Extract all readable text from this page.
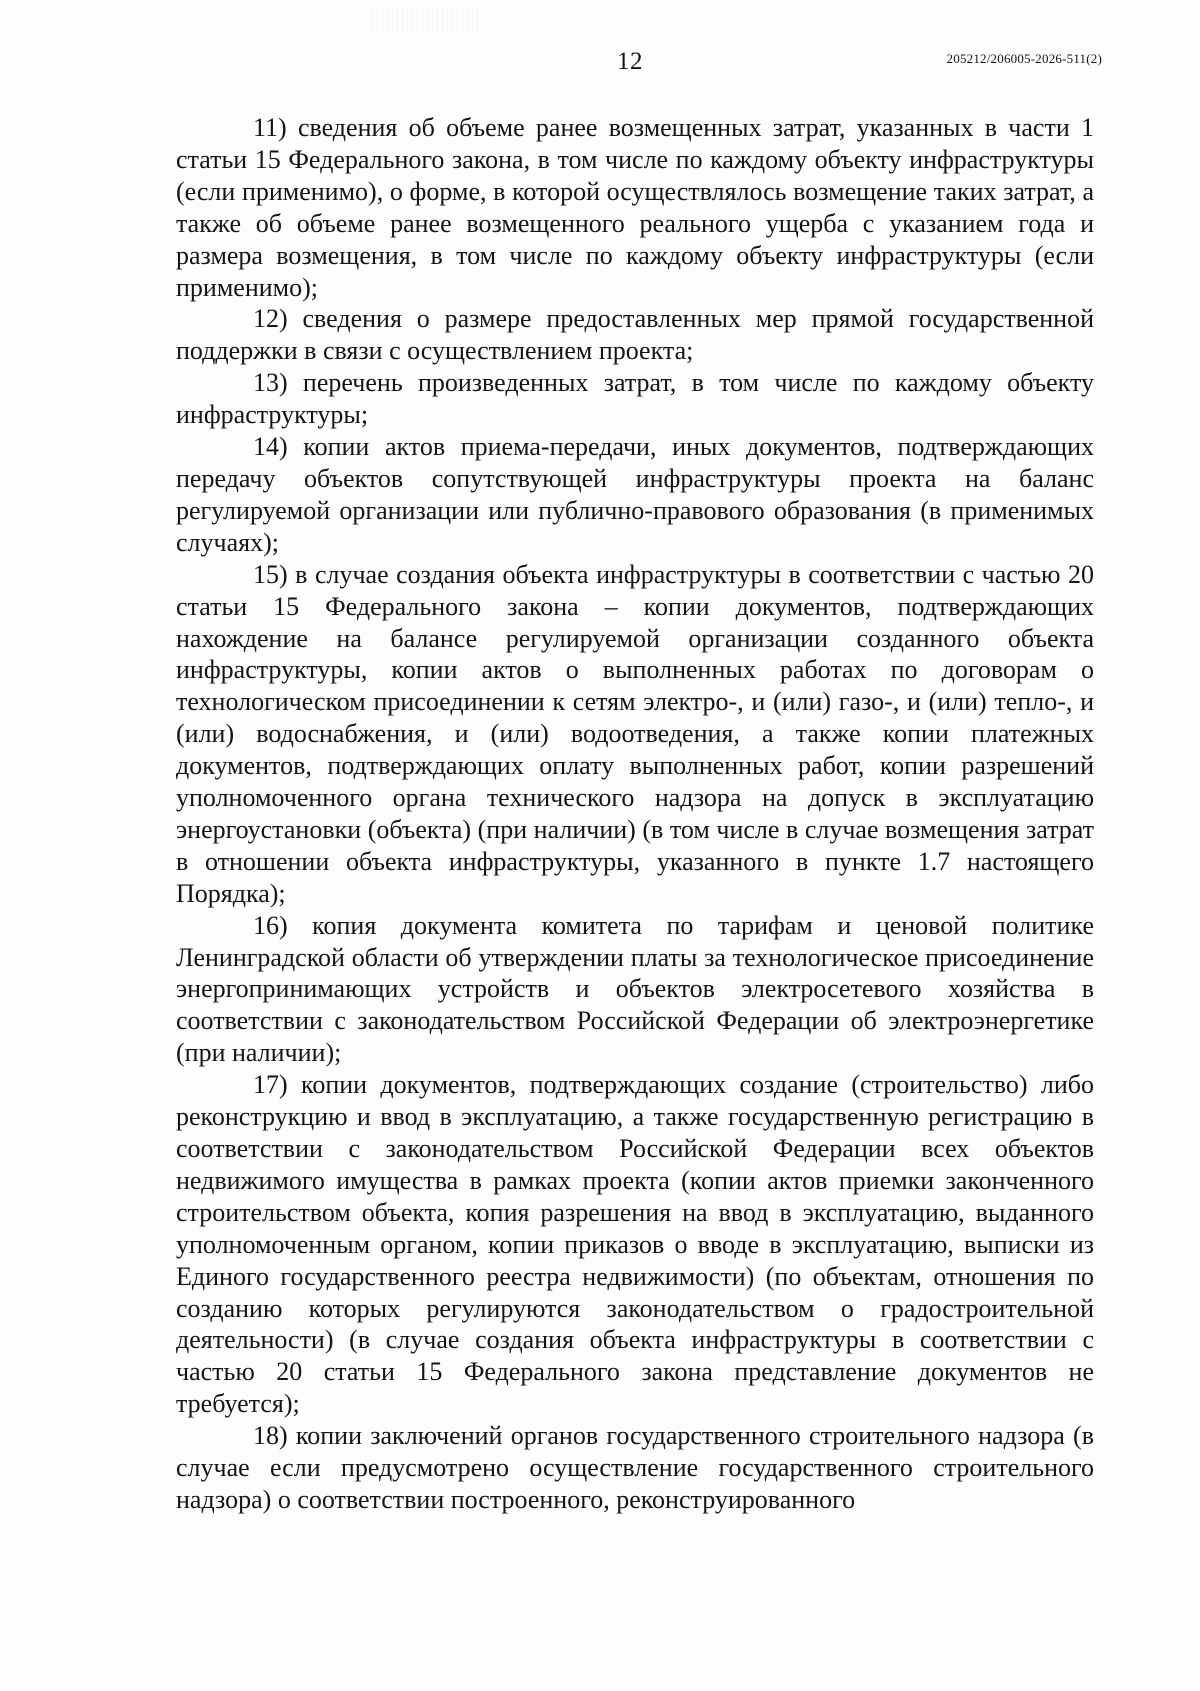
12	205212/206005-2026-511(2)

11) сведения об объеме ранее возмещенных затрат, указанных в части 1 статьи 15 Федерального закона, в том числе по каждому объекту инфраструктуры (если применимо), о форме, в которой осуществлялось возмещение таких затрат, а также об объеме ранее возмещенного реального ущерба с указанием года и размера возмещения, в том числе по каждому объекту инфраструктуры (если применимо);

12) сведения о размере предоставленных мер прямой государственной поддержки в связи с осуществлением проекта;

13) перечень произведенных затрат, в том числе по каждому объекту инфраструктуры;

14) копии актов приема-передачи, иных документов, подтверждающих передачу объектов сопутствующей инфраструктуры проекта на баланс регулируемой организации или публично-правового образования (в применимых случаях);

15) в случае создания объекта инфраструктуры в соответствии с частью 20 статьи 15 Федерального закона – копии документов, подтверждающих нахождение на балансе регулируемой организации созданного объекта инфраструктуры, копии актов о выполненных работах по договорам о технологическом присоединении к сетям электро-, и (или) газо-, и (или) тепло-, и (или) водоснабжения, и (или) водоотведения, а также копии платежных документов, подтверждающих оплату выполненных работ, копии разрешений уполномоченного органа технического надзора на допуск в эксплуатацию энергоустановки (объекта) (при наличии) (в том числе в случае возмещения затрат в отношении объекта инфраструктуры, указанного в пункте 1.7 настоящего Порядка);

16) копия документа комитета по тарифам и ценовой политике Ленинградской области об утверждении платы за технологическое присоединение энергопринимающих устройств и объектов электросетевого хозяйства в соответствии с законодательством Российской Федерации об электроэнергетике (при наличии);

17) копии документов, подтверждающих создание (строительство) либо реконструкцию и ввод в эксплуатацию, а также государственную регистрацию в соответствии с законодательством Российской Федерации всех объектов недвижимого имущества в рамках проекта (копии актов приемки законченного строительством объекта, копия разрешения на ввод в эксплуатацию, выданного уполномоченным органом, копии приказов о вводе в эксплуатацию, выписки из Единого государственного реестра недвижимости) (по объектам, отношения по созданию которых регулируются законодательством о градостроительной деятельности) (в случае создания объекта инфраструктуры в соответствии с частью 20 статьи 15 Федерального закона представление документов не требуется);

18) копии заключений органов государственного строительного надзора (в случае если предусмотрено осуществление государственного строительного надзора) о соответствии построенного, реконструированного
